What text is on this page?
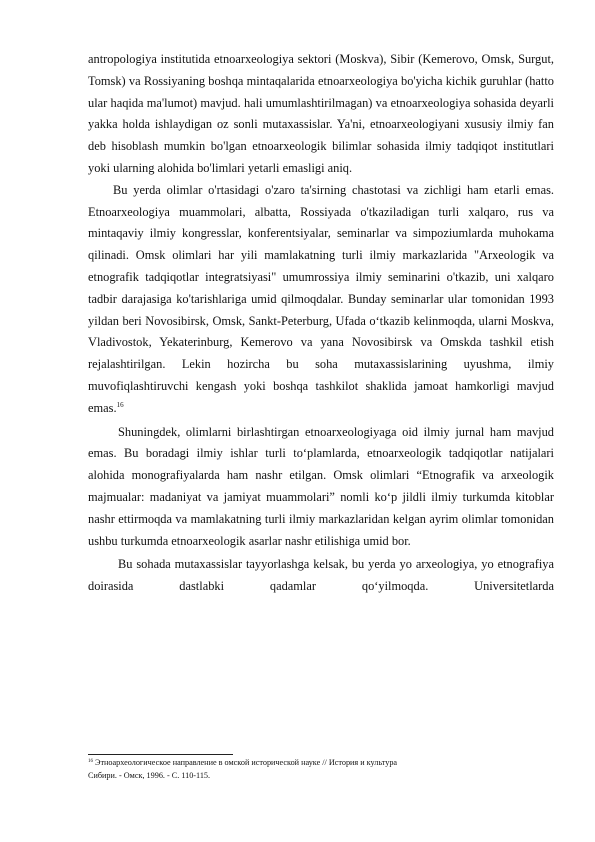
antropologiya institutida etnoarxeologiya sektori (Moskva), Sibir (Kemerovo, Omsk, Surgut, Tomsk) va Rossiyaning boshqa mintaqalarida etnoarxeologiya bo'yicha kichik guruhlar (hatto ular haqida ma'lumot) mavjud. hali umumlashtirilmagan) va etnoarxeologiya sohasida deyarli yakka holda ishlaydigan oz sonli mutaxassislar. Ya'ni, etnoarxeologiyani xususiy ilmiy fan deb hisoblash mumkin bo'lgan etnoarxeologik bilimlar sohasida ilmiy tadqiqot institutlari yoki ularning alohida bo'limlari yetarli emasligi aniq.

Bu yerda olimlar o'rtasidagi o'zaro ta'sirning chastotasi va zichligi ham etarli emas. Etnoarxeologiya muammolari, albatta, Rossiyada o'tkaziladigan turli xalqaro, rus va mintaqaviy ilmiy kongresslar, konferentsiyalar, seminarlar va simpoziumlarda muhokama qilinadi. Omsk olimlari har yili mamlakatning turli ilmiy markazlarida "Arxeologik va etnografik tadqiqotlar integratsiyasi" umumrossiya ilmiy seminarini o'tkazib, uni xalqaro tadbir darajasiga ko'tarishlariga umid qilmoqdalar. Bunday seminarlar ular tomonidan 1993 yildan beri Novosibirsk, Omsk, Sankt-Peterburg, Ufada o‘tkazib kelinmoqda, ularni Moskva, Vladivostok, Yekaterinburg, Kemerovo va yana Novosibirsk va Omskda tashkil etish rejalashtirilgan. Lekin hozircha bu soha mutaxassislarining uyushma, ilmiy muvofiqlashtiruvchi kengash yoki boshqa tashkilot shaklida jamoat hamkorligi mavjud emas.$^{16}$

Shuningdek, olimlarni birlashtirgan etnoarxeologiyaga oid ilmiy jurnal ham mavjud emas. Bu boradagi ilmiy ishlar turli to‘plamlarda, etnoarxeologik tadqiqotlar natijalari alohida monografiyalarda ham nashr etilgan. Omsk olimlari “Etnografik va arxeologik majmualar: madaniyat va jamiyat muammolari” nomli ko‘p jildli ilmiy turkumda kitoblar nashr ettirmoqda va mamlakatning turli ilmiy markazlaridan kelgan ayrim olimlar tomonidan ushbu turkumda etnoarxeologik asarlar nashr etilishiga umid bor.

Bu sohada mutaxassislar tayyorlashga kelsak, bu yerda yo arxeologiya, yo etnografiya doirasida dastlabki qadamlar qo‘yilmoqda. Universitetlarda

$^{16}$ Этноархеологическое направление в омской исторической науке // История и культура Сибири. - Омск, 1996. - С. 110-115.
